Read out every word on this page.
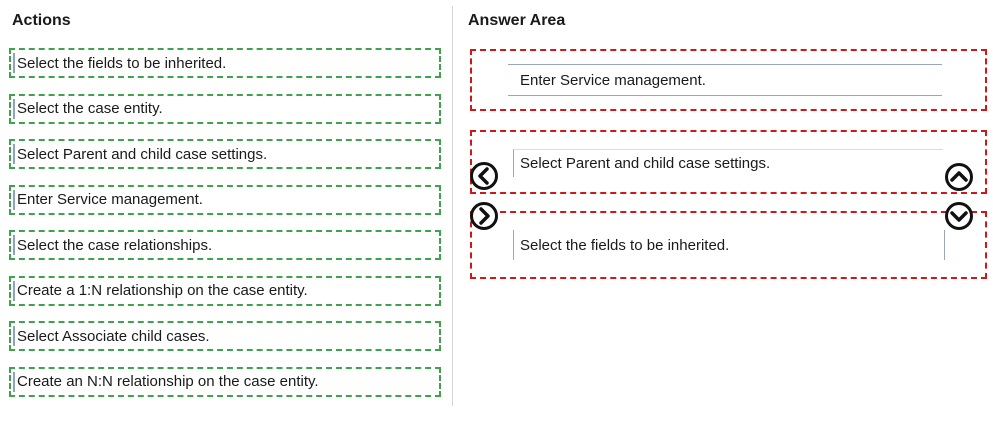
Actions	Answer Area
Select the fields to be inherited.
Select the case entity.
Select Parent and child case settings.
Enter Service management.
Select the case relationships.
Create a 1:N relationship on the case entity.
Select Associate child cases.
Create an N:N relationship on the case entity.
Enter Service management.
Select Parent and child case settings.
Select the fields to be inherited.
